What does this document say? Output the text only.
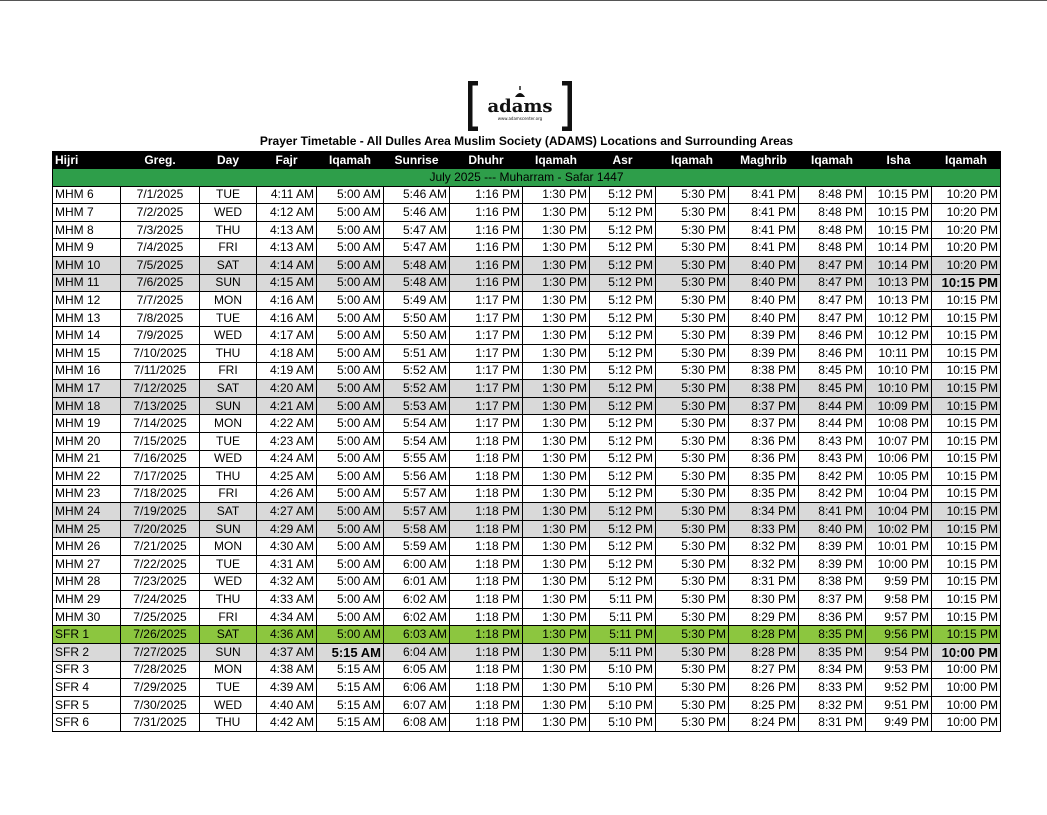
adams
www.adamscenter.org
Prayer Timetable - All Dulles Area Muslim Society (ADAMS) Locations and Surrounding Areas
Hijri	Greg.	Day	Fajr	Iqamah	Sunrise	Dhuhr	Iqamah	Asr	Iqamah	Maghrib	Iqamah	Isha	Iqamah
July 2025 --- Muharram - Safar 1447													
MHM 6	7/1/2025	TUE	4:11 AM	5:00 AM	5:46 AM	1:16 PM	1:30 PM	5:12 PM	5:30 PM	8:41 PM	8:48 PM	10:15 PM	10:20 PM
MHM 7	7/2/2025	WED	4:12 AM	5:00 AM	5:46 AM	1:16 PM	1:30 PM	5:12 PM	5:30 PM	8:41 PM	8:48 PM	10:15 PM	10:20 PM
MHM 8	7/3/2025	THU	4:13 AM	5:00 AM	5:47 AM	1:16 PM	1:30 PM	5:12 PM	5:30 PM	8:41 PM	8:48 PM	10:15 PM	10:20 PM
MHM 9	7/4/2025	FRI	4:13 AM	5:00 AM	5:47 AM	1:16 PM	1:30 PM	5:12 PM	5:30 PM	8:41 PM	8:48 PM	10:14 PM	10:20 PM
MHM 10	7/5/2025	SAT	4:14 AM	5:00 AM	5:48 AM	1:16 PM	1:30 PM	5:12 PM	5:30 PM	8:40 PM	8:47 PM	10:14 PM	10:20 PM
MHM 11	7/6/2025	SUN	4:15 AM	5:00 AM	5:48 AM	1:16 PM	1:30 PM	5:12 PM	5:30 PM	8:40 PM	8:47 PM	10:13 PM	10:15 PM
MHM 12	7/7/2025	MON	4:16 AM	5:00 AM	5:49 AM	1:17 PM	1:30 PM	5:12 PM	5:30 PM	8:40 PM	8:47 PM	10:13 PM	10:15 PM
MHM 13	7/8/2025	TUE	4:16 AM	5:00 AM	5:50 AM	1:17 PM	1:30 PM	5:12 PM	5:30 PM	8:40 PM	8:47 PM	10:12 PM	10:15 PM
MHM 14	7/9/2025	WED	4:17 AM	5:00 AM	5:50 AM	1:17 PM	1:30 PM	5:12 PM	5:30 PM	8:39 PM	8:46 PM	10:12 PM	10:15 PM
MHM 15	7/10/2025	THU	4:18 AM	5:00 AM	5:51 AM	1:17 PM	1:30 PM	5:12 PM	5:30 PM	8:39 PM	8:46 PM	10:11 PM	10:15 PM
MHM 16	7/11/2025	FRI	4:19 AM	5:00 AM	5:52 AM	1:17 PM	1:30 PM	5:12 PM	5:30 PM	8:38 PM	8:45 PM	10:10 PM	10:15 PM
MHM 17	7/12/2025	SAT	4:20 AM	5:00 AM	5:52 AM	1:17 PM	1:30 PM	5:12 PM	5:30 PM	8:38 PM	8:45 PM	10:10 PM	10:15 PM
MHM 18	7/13/2025	SUN	4:21 AM	5:00 AM	5:53 AM	1:17 PM	1:30 PM	5:12 PM	5:30 PM	8:37 PM	8:44 PM	10:09 PM	10:15 PM
MHM 19	7/14/2025	MON	4:22 AM	5:00 AM	5:54 AM	1:17 PM	1:30 PM	5:12 PM	5:30 PM	8:37 PM	8:44 PM	10:08 PM	10:15 PM
MHM 20	7/15/2025	TUE	4:23 AM	5:00 AM	5:54 AM	1:18 PM	1:30 PM	5:12 PM	5:30 PM	8:36 PM	8:43 PM	10:07 PM	10:15 PM
MHM 21	7/16/2025	WED	4:24 AM	5:00 AM	5:55 AM	1:18 PM	1:30 PM	5:12 PM	5:30 PM	8:36 PM	8:43 PM	10:06 PM	10:15 PM
MHM 22	7/17/2025	THU	4:25 AM	5:00 AM	5:56 AM	1:18 PM	1:30 PM	5:12 PM	5:30 PM	8:35 PM	8:42 PM	10:05 PM	10:15 PM
MHM 23	7/18/2025	FRI	4:26 AM	5:00 AM	5:57 AM	1:18 PM	1:30 PM	5:12 PM	5:30 PM	8:35 PM	8:42 PM	10:04 PM	10:15 PM
MHM 24	7/19/2025	SAT	4:27 AM	5:00 AM	5:57 AM	1:18 PM	1:30 PM	5:12 PM	5:30 PM	8:34 PM	8:41 PM	10:04 PM	10:15 PM
MHM 25	7/20/2025	SUN	4:29 AM	5:00 AM	5:58 AM	1:18 PM	1:30 PM	5:12 PM	5:30 PM	8:33 PM	8:40 PM	10:02 PM	10:15 PM
MHM 26	7/21/2025	MON	4:30 AM	5:00 AM	5:59 AM	1:18 PM	1:30 PM	5:12 PM	5:30 PM	8:32 PM	8:39 PM	10:01 PM	10:15 PM
MHM 27	7/22/2025	TUE	4:31 AM	5:00 AM	6:00 AM	1:18 PM	1:30 PM	5:12 PM	5:30 PM	8:32 PM	8:39 PM	10:00 PM	10:15 PM
MHM 28	7/23/2025	WED	4:32 AM	5:00 AM	6:01 AM	1:18 PM	1:30 PM	5:12 PM	5:30 PM	8:31 PM	8:38 PM	9:59 PM	10:15 PM
MHM 29	7/24/2025	THU	4:33 AM	5:00 AM	6:02 AM	1:18 PM	1:30 PM	5:11 PM	5:30 PM	8:30 PM	8:37 PM	9:58 PM	10:15 PM
MHM 30	7/25/2025	FRI	4:34 AM	5:00 AM	6:02 AM	1:18 PM	1:30 PM	5:11 PM	5:30 PM	8:29 PM	8:36 PM	9:57 PM	10:15 PM
SFR 1	7/26/2025	SAT	4:36 AM	5:00 AM	6:03 AM	1:18 PM	1:30 PM	5:11 PM	5:30 PM	8:28 PM	8:35 PM	9:56 PM	10:15 PM
SFR 2	7/27/2025	SUN	4:37 AM	5:15 AM	6:04 AM	1:18 PM	1:30 PM	5:11 PM	5:30 PM	8:28 PM	8:35 PM	9:54 PM	10:00 PM
SFR 3	7/28/2025	MON	4:38 AM	5:15 AM	6:05 AM	1:18 PM	1:30 PM	5:10 PM	5:30 PM	8:27 PM	8:34 PM	9:53 PM	10:00 PM
SFR 4	7/29/2025	TUE	4:39 AM	5:15 AM	6:06 AM	1:18 PM	1:30 PM	5:10 PM	5:30 PM	8:26 PM	8:33 PM	9:52 PM	10:00 PM
SFR 5	7/30/2025	WED	4:40 AM	5:15 AM	6:07 AM	1:18 PM	1:30 PM	5:10 PM	5:30 PM	8:25 PM	8:32 PM	9:51 PM	10:00 PM
SFR 6	7/31/2025	THU	4:42 AM	5:15 AM	6:08 AM	1:18 PM	1:30 PM	5:10 PM	5:30 PM	8:24 PM	8:31 PM	9:49 PM	10:00 PM
